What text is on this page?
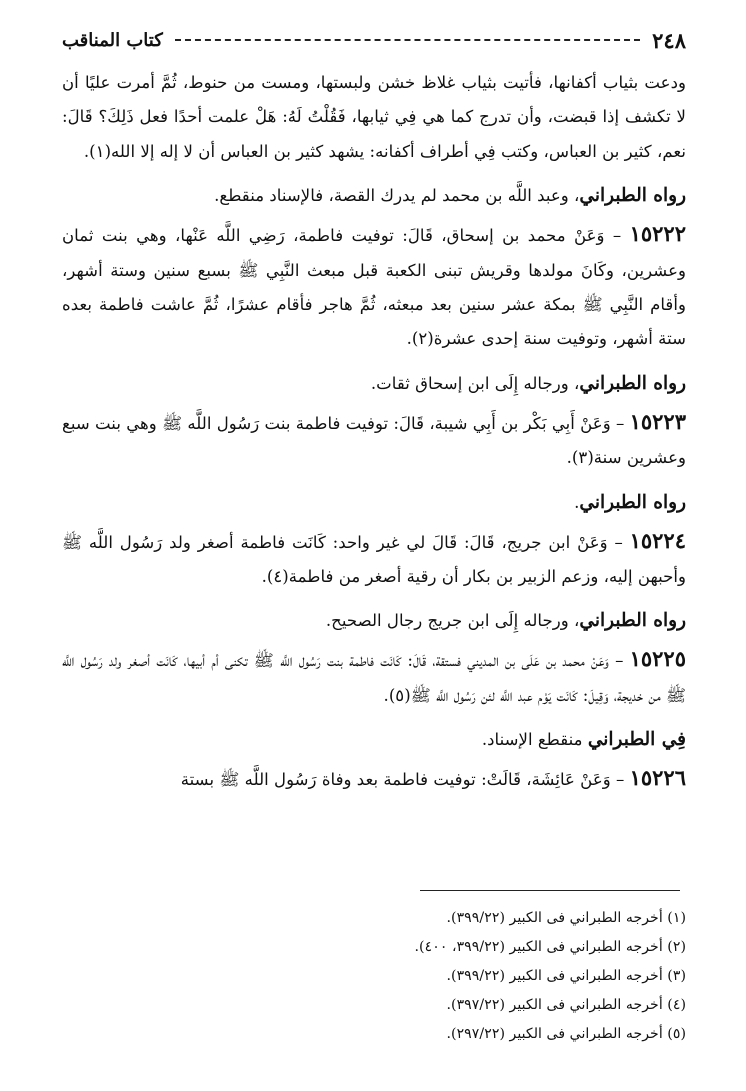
٢٤٨
كتاب المناقب

ودعت بثياب أكفانها، فأتيت بثياب غلاظ خشن ولبستها، ومست من حنوط، ثُمَّ أمرت عليًا أن لا تكشف إذا قبضت، وأن تدرج كما هي فِي ثيابها، فَقُلْتُ لَهُ: هَلْ علمت أحدًا فعل ذَلِكَ؟ قَالَ: نعم، كثير بن العباس، وكتب فِي أطراف أكفانه: يشهد كثير بن العباس أن لا إله إلا الله(١).

رواه الطبراني، وعبد اللَّه بن محمد لم يدرك القصة، فالإسناد منقطع.

١٥٢٢٢ – وَعَنْ محمد بن إسحاق، قَالَ: توفيت فاطمة، رَضِي اللَّه عَنْها، وهي بنت ثمان وعشرين، وكَانَ مولدها وقريش تبنى الكعبة قبل مبعث النَّبِي ﷺ بسبع سنين وستة أشهر، وأقام النَّبِي ﷺ بمكة عشر سنين بعد مبعثه، ثُمَّ هاجر فأقام عشرًا، ثُمَّ عاشت فاطمة بعده ستة أشهر، وتوفيت سنة إحدى عشرة(٢).

رواه الطبراني، ورجاله إِلَى ابن إسحاق ثقات.

١٥٢٢٣ – وَعَنْ أَبِي بَكْر بن أَبِي شيبة، قَالَ: توفيت فاطمة بنت رَسُول اللَّه ﷺ وهي بنت سبع وعشرين سنة(٣).

رواه الطبراني.

١٥٢٢٤ – وَعَنْ ابن جريج، قَالَ: قَالَ لي غير واحد: كَانَت فاطمة أصغر ولد رَسُول اللَّه ﷺ وأحبهن إليه، وزعم الزبير بن بكار أن رقية أصغر من فاطمة(٤).

رواه الطبراني، ورجاله إِلَى ابن جريج رجال الصحيح.

١٥٢٢٥ – وَعَنْ محمد بن عَلَى بن المديني فستقة، قَالَ: كَانَت فاطمة بنت رَسُول اللَّه ﷺ تكنى أم أبيها، كَانَت أصغر ولد رَسُول اللَّه ﷺ من خديجة، وَقِيلَ: كَانَت يَوْم عبد اللَّه لئن رَسُول اللَّه ﷺ(٥).

فِي الطبراني منقطع الإسناد.

١٥٢٢٦ – وَعَنْ عَائِشَة، قَالَتْ: توفيت فاطمة بعد وفاة رَسُول اللَّه ﷺ بستة

(١) أخرجه الطبراني فى الكبير (٣٩٩/٢٢).
(٢) أخرجه الطبراني فى الكبير (٣٩٩/٢٢، ٤٠٠).
(٣) أخرجه الطبراني فى الكبير (٣٩٩/٢٢).
(٤) أخرجه الطبراني فى الكبير (٣٩٧/٢٢).
(٥) أخرجه الطبراني فى الكبير (٢٩٧/٢٢).
